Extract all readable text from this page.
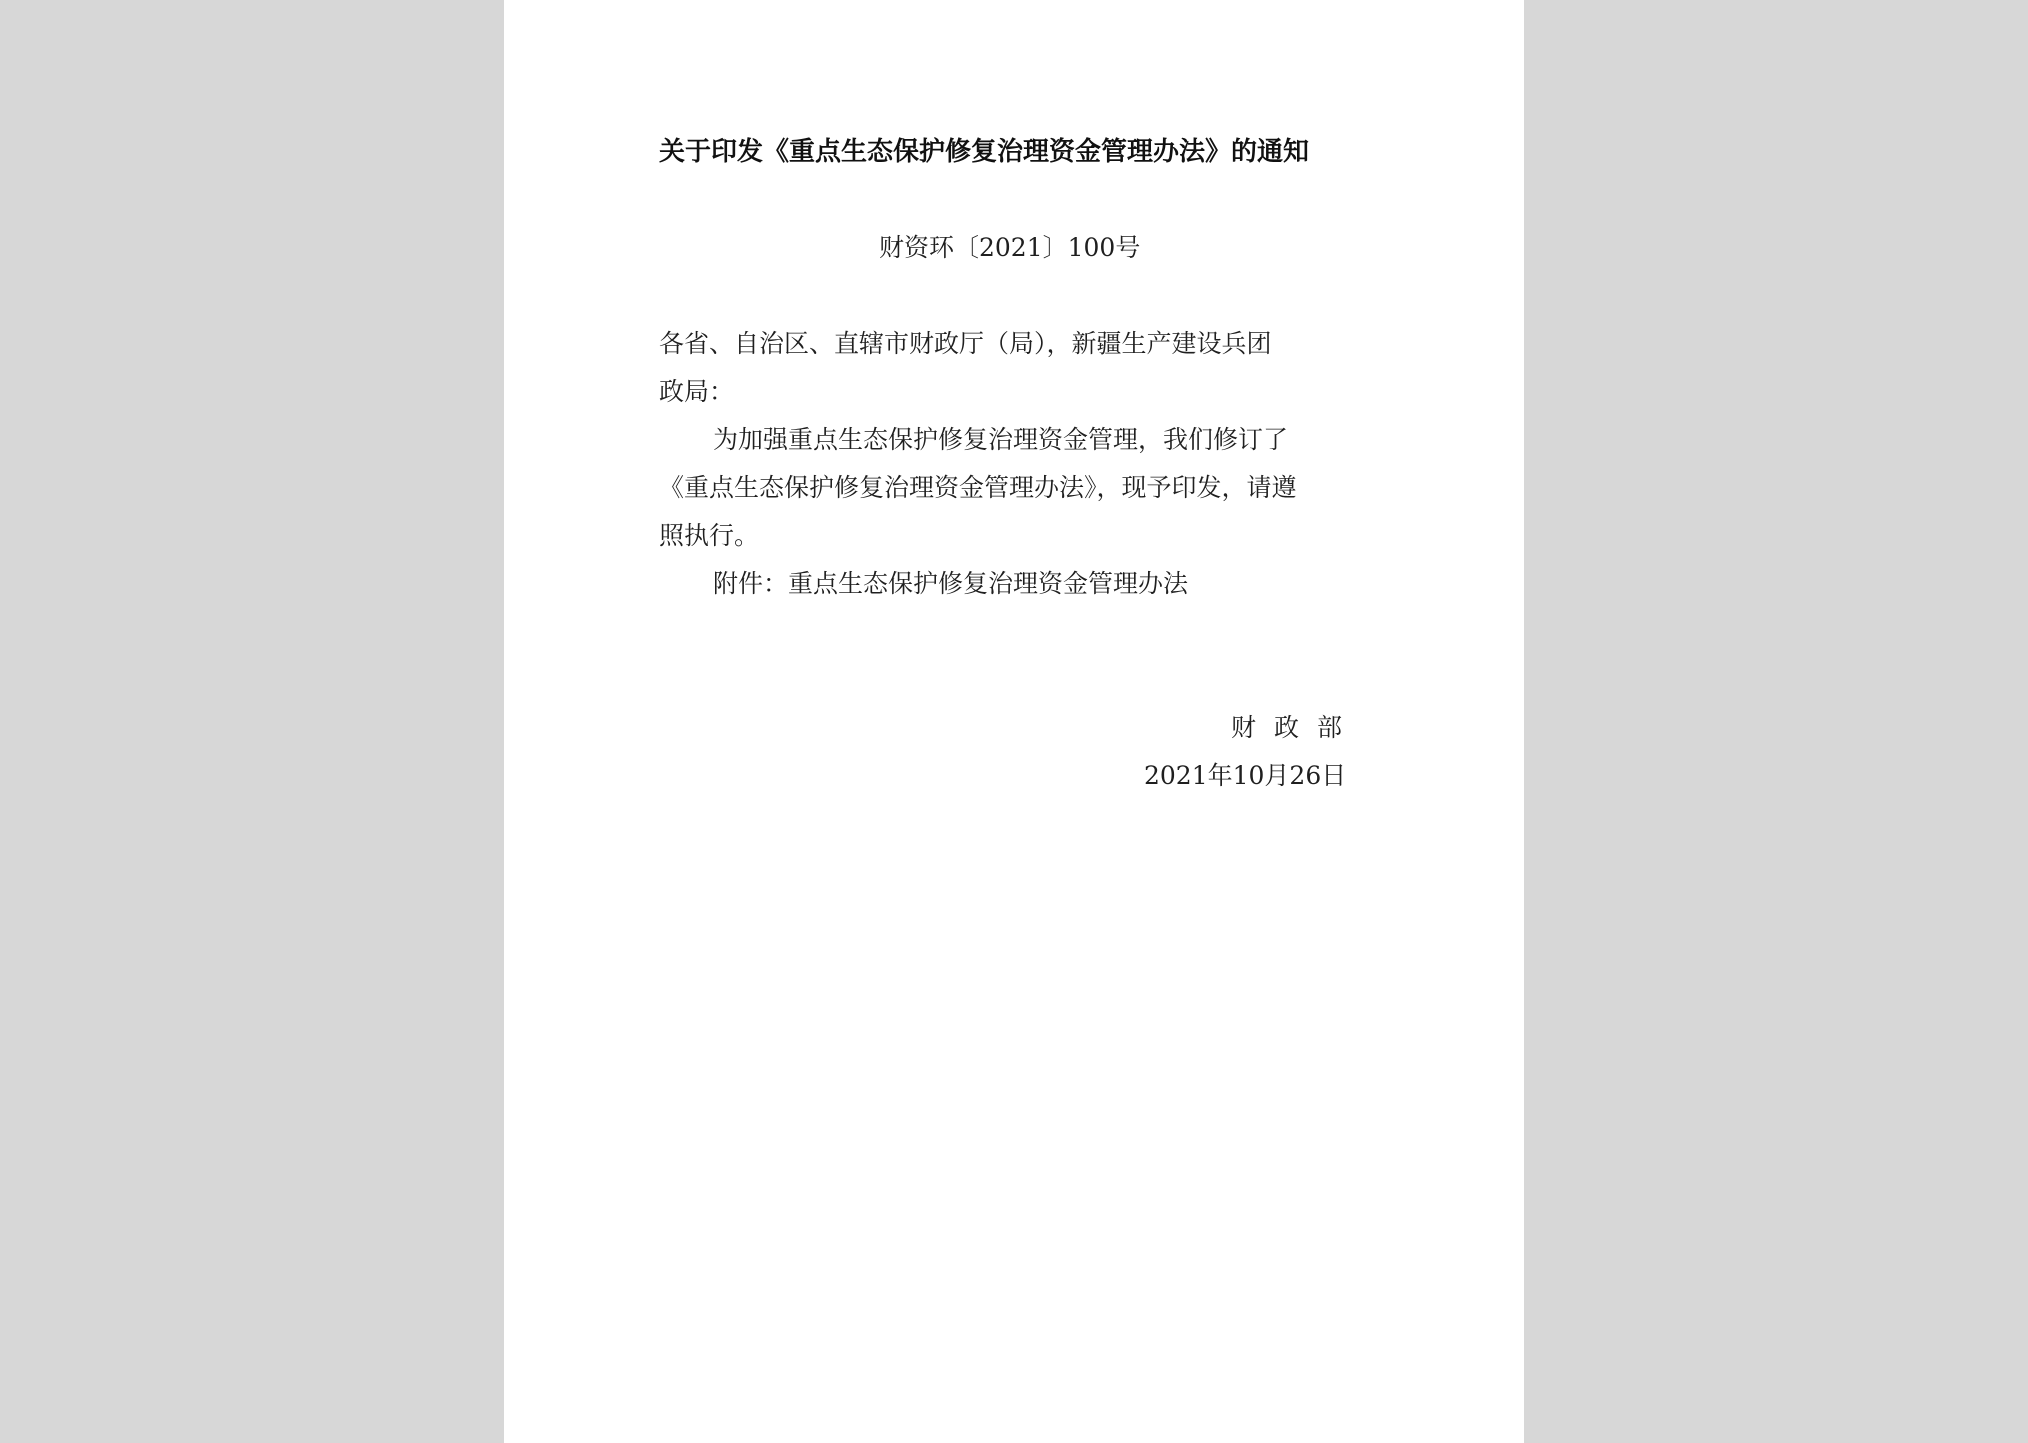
关于印发《重点生态保护修复治理资金管理办法》的通知
财资环〔2021〕100号
各省、自治区、直辖市财政厅（局），新疆生产建设兵团
政局：
为加强重点生态保护修复治理资金管理，我们修订了
《重点生态保护修复治理资金管理办法》，现予印发，请遵
照执行。
附件：重点生态保护修复治理资金管理办法
财政部
2021年10月26日
